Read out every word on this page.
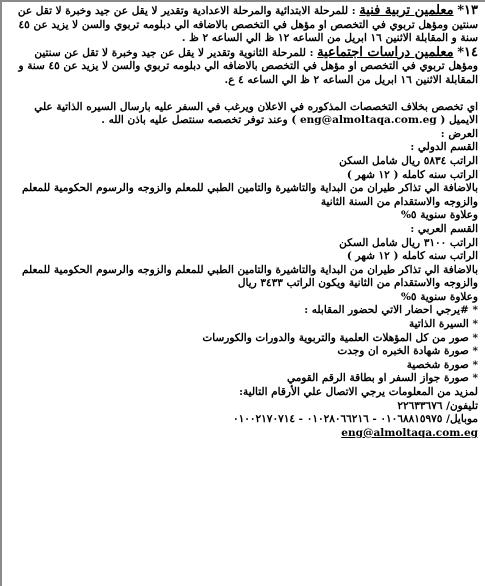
١٣* معلمين تربية فنية : للمرحلة الابتدائية والمرحلة الاعدادية وتقدير لا يقل عن جيد وخبرة لا تقل عن سنتين ومؤهل تربوي في التخصص او مؤهل في التخصص بالاضافه الي دبلومه تربوي والسن لا يزيد عن ٤٥ سنة و المقابلة الاثنين ١٦ ابريل من الساعه ١٢ ظ الي الساعه ٢ ظ .

١٤* معلمين دراسات اجتماعية : للمرحلة الثانوية وتقدير لا يقل عن جيد وخبرة لا تقل عن سنتين ومؤهل تربوي في التخصص او مؤهل في التخصص بالاضافه الي دبلومه تربوي والسن لا يزيد عن ٤٥ سنة و المقابلة الاثنين ١٦ ابريل من الساعه ٢ ظ الي الساعه ٤ ع.

اي تخصص بخلاف التخصصات المذكوره في الاعلان ويرغب في السفر عليه بارسال السيره الذاتية علي الايميل ( eng@almoltaqa.com.eg ) وعند توفر تخصصه سنتصل عليه باذن الله .

العرض :

القسم الدولي :

الراتب ٥٨٣٤ ريال شامل السكن

الراتب سنه كامله ( ١٢ شهر )

بالاضافة الي تذاكر طيران من البداية والتاشيرة والتامين الطبي للمعلم والزوجه والرسوم الحكومية للمعلم والزوجه والاستقدام من السنة الثانية

وعلاوة سنوية ٥%

القسم العربي :

الراتب ٣١٠٠ ريال شامل السكن

الراتب سنه كامله ( ١٢ شهر )

بالاضافة الي تذاكر طيران من البداية والتاشيرة والتامين الطبي للمعلم والزوجه والرسوم الحكومية للمعلم والزوجه والاستقدام من الثانية ويكون الراتب ٣٤٣٣ ريال

وعلاوة سنوية ٥%

* #يرجي احضار الاتي لحضور المقابله :

* السيرة الذاتية

* صور من كل المؤهلات العلمية والتربوية والدورات والكورسات

* صورة شهادة الخبره ان وجدت

* صورة شخصية

* صورة جواز السفر او بطاقة الرقم القومي

لمزيد من المعلومات يرجي الاتصال علي الأرقام التالية:

تليفون/ ٢٢٦٣٣٦٧٦

موبايل/ ٠١٠٦٨٨١٥٩٧٥ - ٠١٠٢٨٠٦٦٢١٦ - ٠١٠٠٢١٧٠٧١٤

eng@almoltaqa.com.eg
